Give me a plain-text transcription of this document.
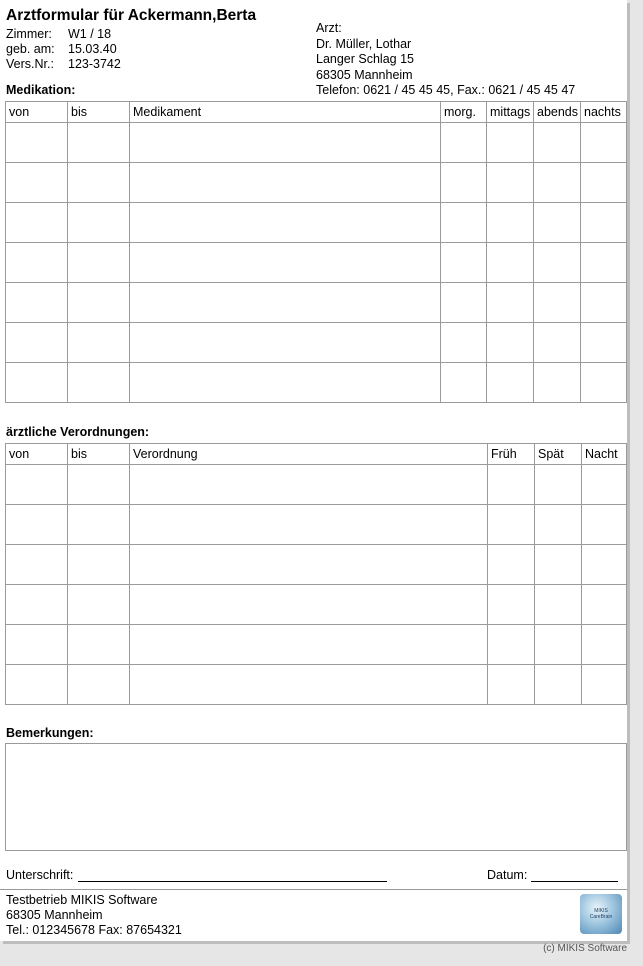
Arztformular für Ackermann,Berta
Zimmer: W1 / 18
geb. am: 15.03.40
Vers.Nr.: 123-3742
Arzt:
Dr. Müller, Lothar
Langer Schlag 15
68305 Mannheim
Telefon: 0621 / 45 45 45, Fax.: 0621 / 45 45 47
Medikation:
von	bis	Medikament	morg.	mittags	abends	nachts

ärztliche Verordnungen:
von	bis	Verordnung	Früh	Spät	Nacht

Bemerkungen:
Unterschrift:	Datum:
Testbetrieb MIKIS Software
68305 Mannheim
Tel.: 012345678 Fax: 87654321
MIKIS
CareBrain
(c) MIKIS Software
